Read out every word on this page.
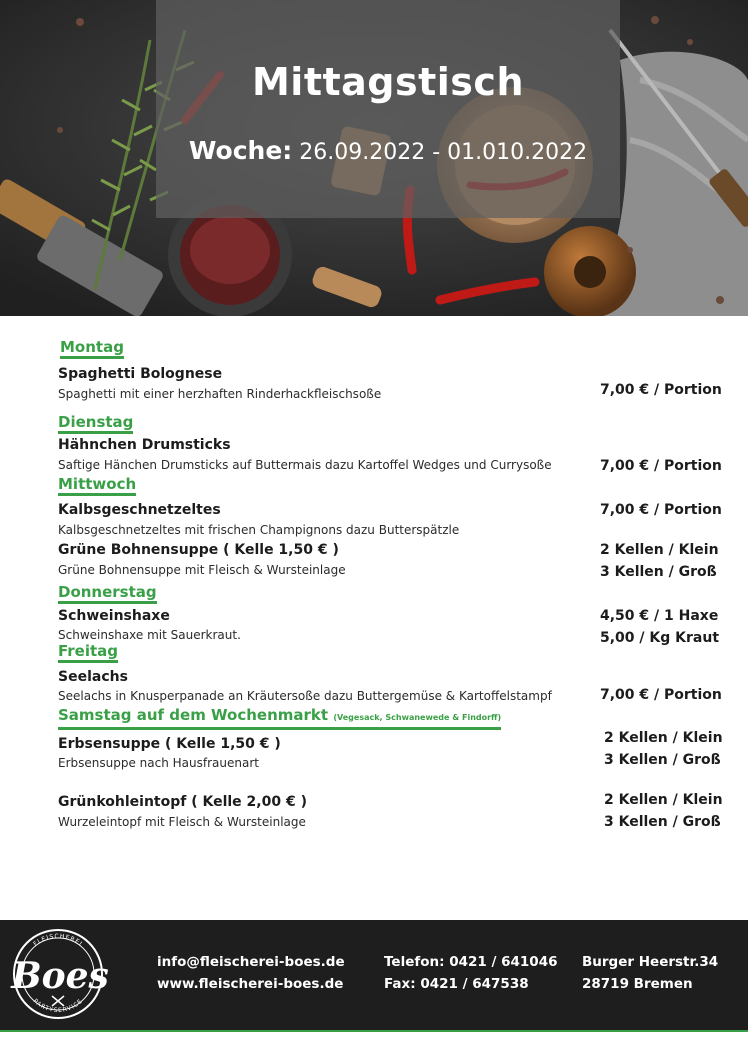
Mittagstisch
Woche: 26.09.2022 - 01.010.2022
Montag
Spaghetti Bolognese
Spaghetti mit einer herzhaften Rinderhackfleischsoße	7,00 € / Portion
Dienstag
Hähnchen Drumsticks
Saftige Hänchen Drumsticks auf Buttermais dazu Kartoffel Wedges und Currysoße	7,00 € / Portion
Mittwoch
Kalbsgeschnetzeltes
Kalbsgeschnetzeltes mit frischen Champignons dazu Butterspätzle
7,00 € / Portion
Grüne Bohnensuppe ( Kelle 1,50 € )
Grüne Bohnensuppe mit Fleisch & Wursteinlage
2 Kellen / Klein
3 Kellen / Groß
Donnerstag
Schweinshaxe
Schweinshaxe mit Sauerkraut.
4,50 € / 1 Haxe
5,00 / Kg Kraut
Freitag
Seelachs
Seelachs in Knusperpanade an Kräutersoße dazu Buttergemüse & Kartoffelstampf	7,00 € / Portion
Samstag auf dem Wochenmarkt (Vegesack, Schwanewede & Findorff)
Erbsensuppe ( Kelle 1,50 € )
Erbsensuppe nach Hausfrauenart
2 Kellen / Klein
3 Kellen / Groß
Grünkohleintopf ( Kelle 2,00 € )
Wurzeleintopf mit Fleisch & Wursteinlage
2 Kellen / Klein
3 Kellen / Groß
FLEISCHEREI
PARTYSERVICE
Boes	info@fleischerei-boes.de
www.fleischerei-boes.de
Telefon: 0421 / 641046
Fax: 0421 / 647538
Burger Heerstr.34
28719 Bremen
